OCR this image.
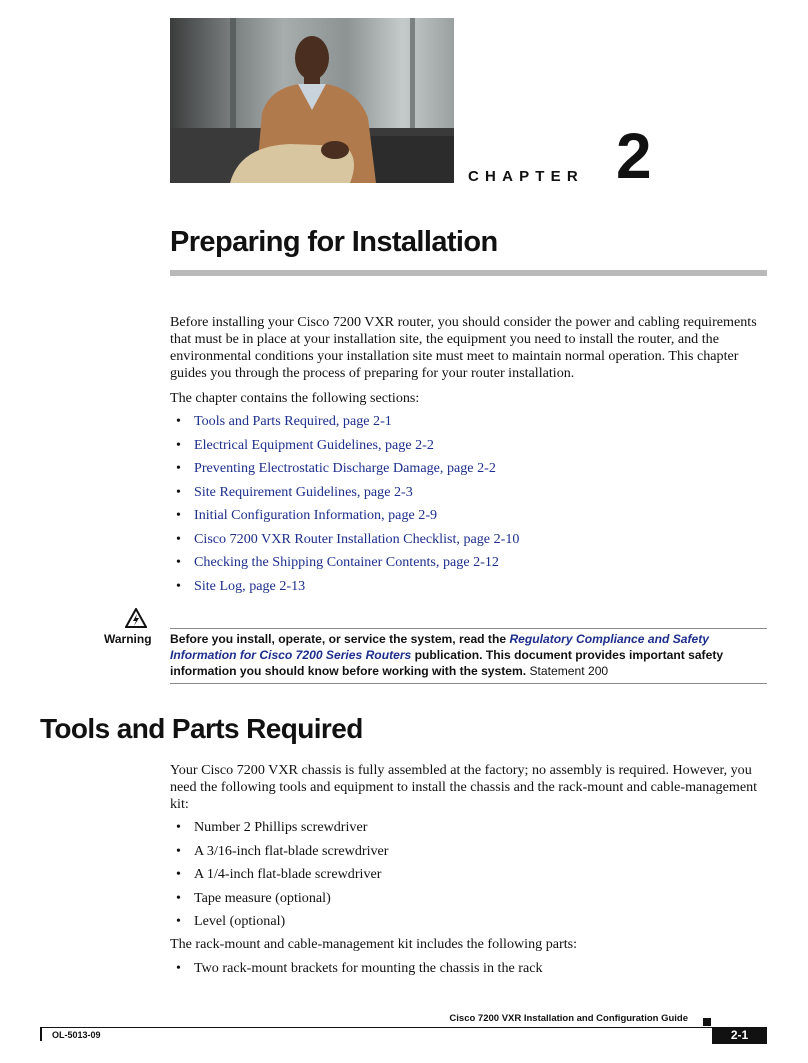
CHAPTER 2
Preparing for Installation

Before installing your Cisco 7200 VXR router, you should consider the power and cabling requirements that must be in place at your installation site, the equipment you need to install the router, and the environmental conditions your installation site must meet to maintain normal operation. This chapter guides you through the process of preparing for your router installation.

The chapter contains the following sections:

• Tools and Parts Required, page 2-1
• Electrical Equipment Guidelines, page 2-2
• Preventing Electrostatic Discharge Damage, page 2-2
• Site Requirement Guidelines, page 2-3
• Initial Configuration Information, page 2-9
• Cisco 7200 VXR Router Installation Checklist, page 2-10
• Checking the Shipping Container Contents, page 2-12
• Site Log, page 2-13
Warning Before you install, operate, or service the system, read the Regulatory Compliance and Safety Information for Cisco 7200 Series Routers publication. This document provides important safety information you should know before working with the system. Statement 200
Tools and Parts Required

Your Cisco 7200 VXR chassis is fully assembled at the factory; no assembly is required. However, you need the following tools and equipment to install the chassis and the rack-mount and cable-management kit:

• Number 2 Phillips screwdriver
• A 3/16-inch flat-blade screwdriver
• A 1/4-inch flat-blade screwdriver
• Tape measure (optional)
• Level (optional)

The rack-mount and cable-management kit includes the following parts:

• Two rack-mount brackets for mounting the chassis in the rack
Cisco 7200 VXR Installation and Configuration Guide
OL-5013-09	2-1
